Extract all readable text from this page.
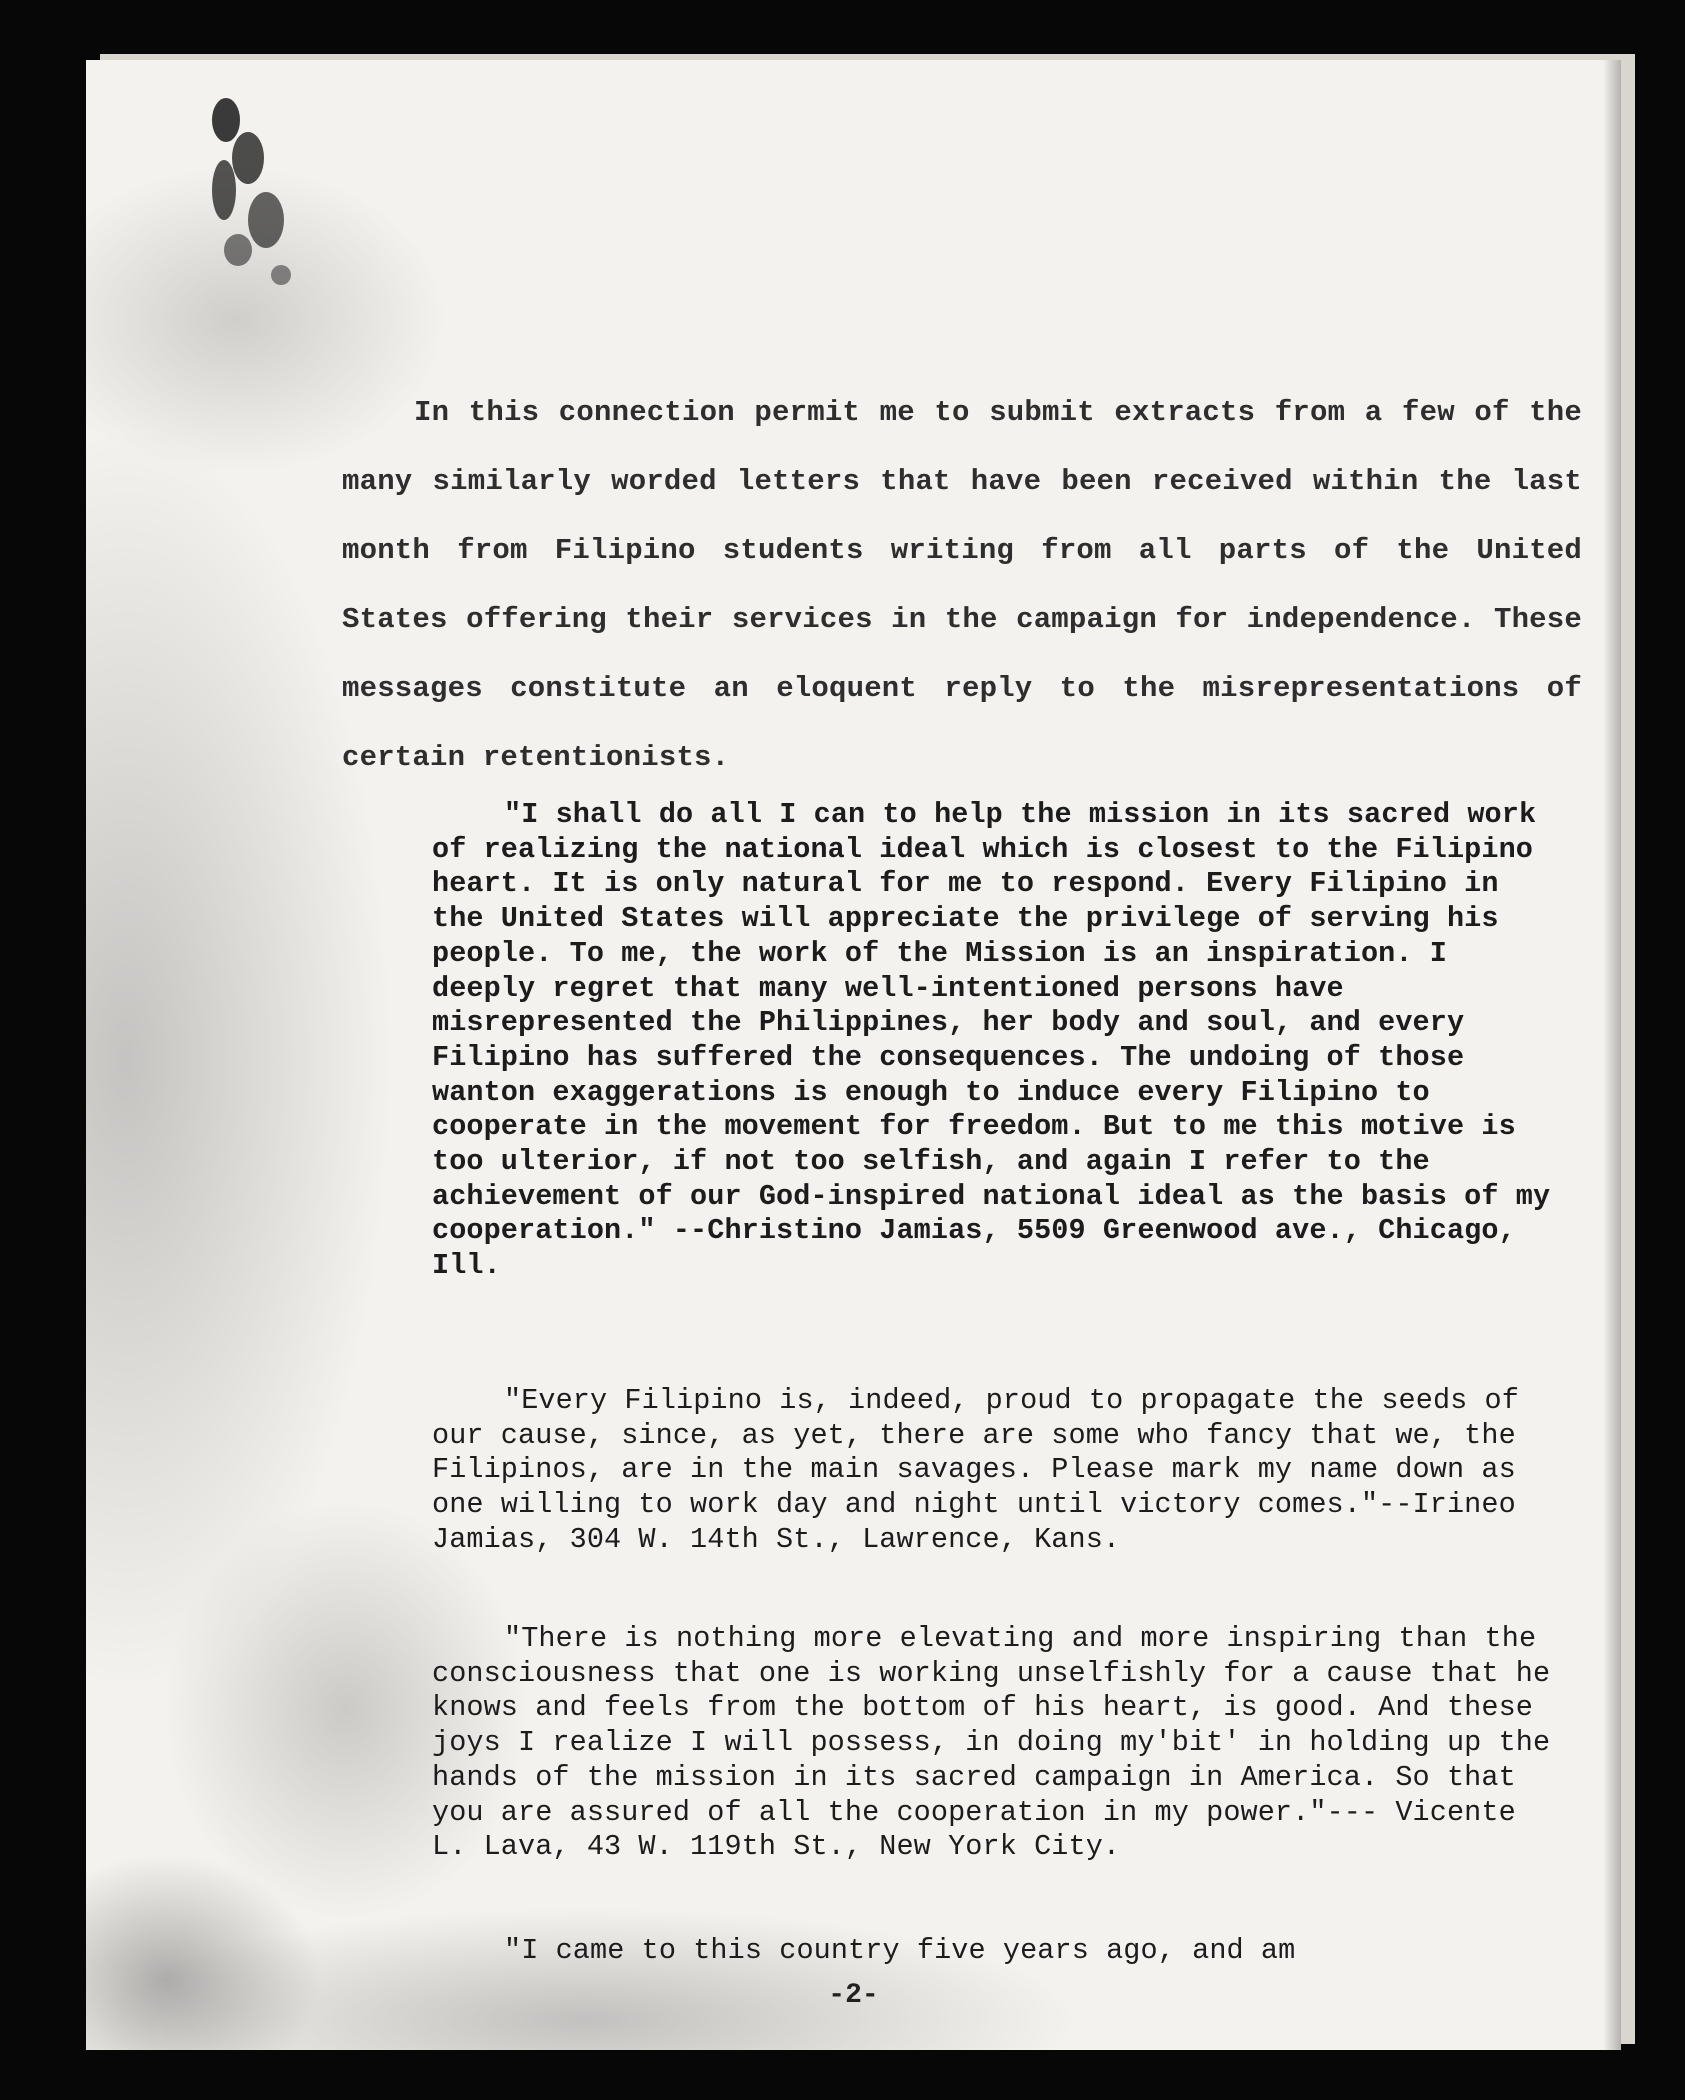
In this connection permit me to submit extracts from a few of the many similarly worded letters that have been received within the last month from Filipino students writing from all parts of the United States offering their services in the campaign for independence. These messages constitute an eloquent reply to the misrepresentations of certain retentionists.

"I shall do all I can to help the mission in its sacred work of realizing the national ideal which is closest to the Filipino heart. It is only natural for me to respond. Every Filipino in the United States will appreciate the privilege of serving his people. To me, the work of the Mission is an inspiration. I deeply regret that many well-intentioned persons have misrepresented the Philippines, her body and soul, and every Filipino has suffered the consequences. The undoing of those wanton exaggerations is enough to induce every Filipino to cooperate in the movement for freedom. But to me this motive is too ulterior, if not too selfish, and again I refer to the achievement of our God-inspired national ideal as the basis of my cooperation." --Christino Jamias, 5509 Greenwood ave., Chicago, Ill.

"Every Filipino is, indeed, proud to propagate the seeds of our cause, since, as yet, there are some who fancy that we, the Filipinos, are in the main savages. Please mark my name down as one willing to work day and night until victory comes."--Irineo Jamias, 304 W. 14th St., Lawrence, Kans.

"There is nothing more elevating and more inspiring than the consciousness that one is working unselfishly for a cause that he knows and feels from the bottom of his heart, is good. And these joys I realize I will possess, in doing my'bit' in holding up the hands of the mission in its sacred campaign in America. So that you are assured of all the cooperation in my power."--- Vicente L. Lava, 43 W. 119th St., New York City.

"I came to this country five years ago, and am

-2-
